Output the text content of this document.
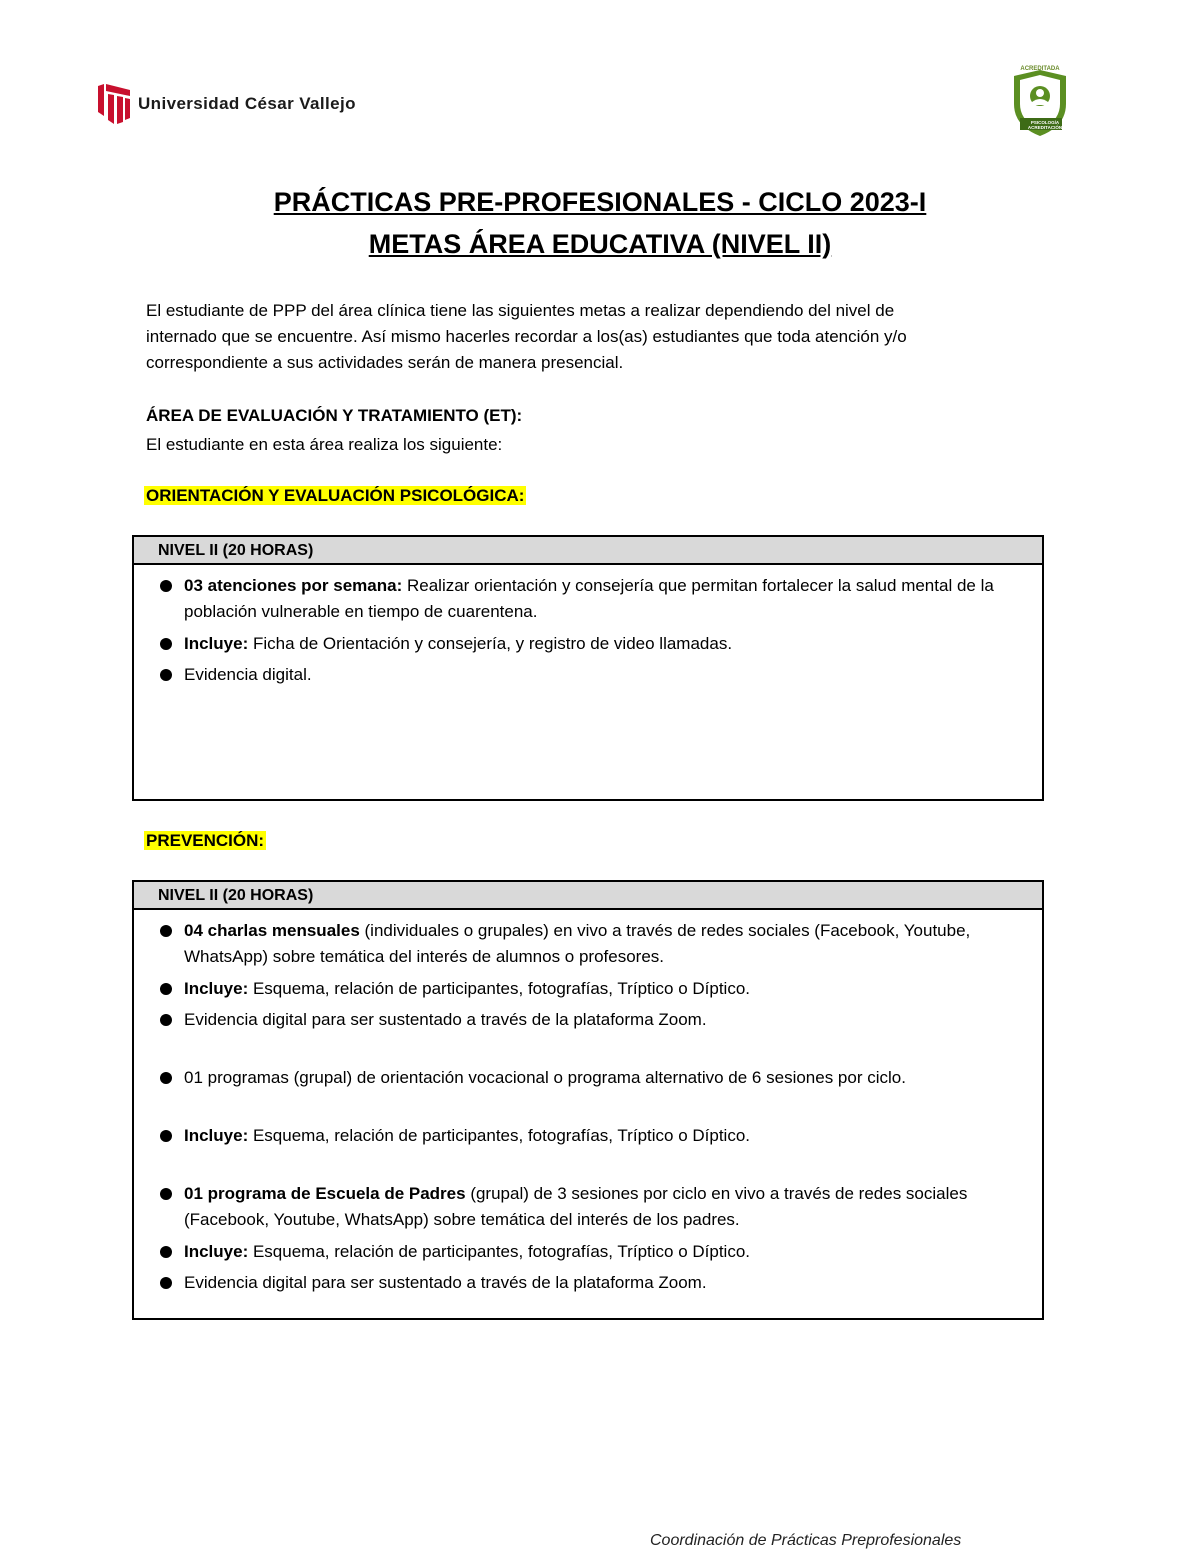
Universidad César Vallejo
ACREDITADA
PSICOLOGÍA ACREDITACIÓN
PRÁCTICAS PRE-PROFESIONALES - CICLO 2023-I
METAS ÁREA EDUCATIVA (NIVEL II)
El estudiante de PPP del área clínica tiene las siguientes metas a realizar dependiendo del nivel de
internado que se encuentre. Así mismo hacerles recordar a los(as) estudiantes que toda atención y/o
correspondiente a sus actividades serán de manera presencial.
ÁREA DE EVALUACIÓN Y TRATAMIENTO (ET):
El estudiante en esta área realiza los siguiente:
ORIENTACIÓN Y EVALUACIÓN PSICOLÓGICA:
NIVEL II (20 HORAS)
03 atenciones por semana: Realizar orientación y consejería que permitan fortalecer la salud mental de la población vulnerable en tiempo de cuarentena.
Incluye: Ficha de Orientación y consejería, y registro de video llamadas.
Evidencia digital.
PREVENCIÓN:
NIVEL II (20 HORAS)
04 charlas mensuales (individuales o grupales) en vivo a través de redes sociales (Facebook, Youtube, WhatsApp) sobre temática del interés de alumnos o profesores.
Incluye: Esquema, relación de participantes, fotografías, Tríptico o Díptico.
Evidencia digital para ser sustentado a través de la plataforma Zoom.
01 programas (grupal) de orientación vocacional o programa alternativo de 6 sesiones por ciclo.
Incluye: Esquema, relación de participantes, fotografías, Tríptico o Díptico.
01 programa de Escuela de Padres (grupal) de 3 sesiones por ciclo en vivo a través de redes sociales (Facebook, Youtube, WhatsApp) sobre temática del interés de los padres.
Incluye: Esquema, relación de participantes, fotografías, Tríptico o Díptico.
Evidencia digital para ser sustentado a través de la plataforma Zoom.
Coordinación de Prácticas Preprofesionales
